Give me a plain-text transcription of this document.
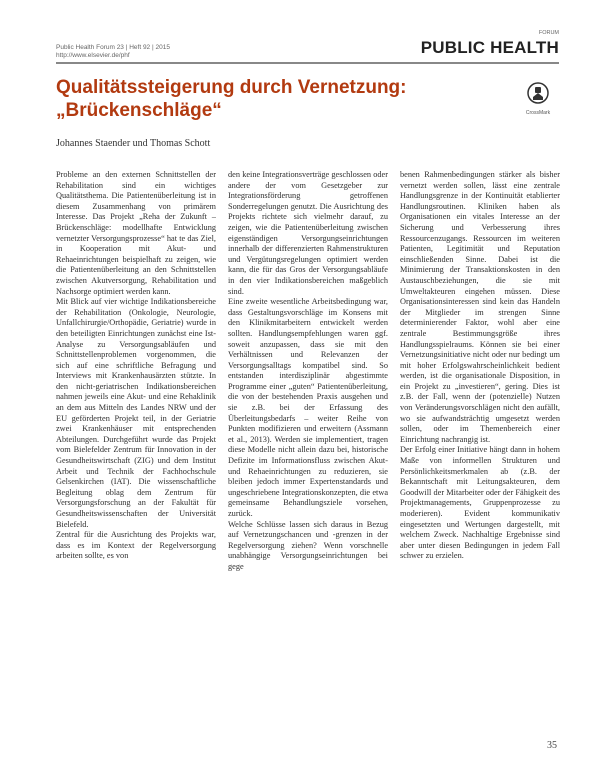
Public Health Forum 23 | Heft 92 | 2015
http://www.elsevier.de/phf
FORUM
PUBLIC HEALTH
Qualitätssteigerung durch Vernetzung:
„Brückenschläge“	CrossMark
Johannes Staender und Thomas Schott

Probleme an den externen Schnittstellen der Rehabilitation sind ein wichtiges Qualitätsthema. Die Patientenüberleitung ist in diesem Zusammenhang von primärem Interesse. Das Projekt „Reha der Zukunft – Brückenschläge: modellhafte Entwicklung vernetzter Versorgungsprozesse“ hat te das Ziel, in Kooperation mit Akut- und Rehaeinrichtungen beispielhaft zu zeigen, wie die Patientenüberleitung an den Schnittstellen zwischen Akutversorgung, Rehabilitation und Nachsorge optimiert werden kann.

Mit Blick auf vier wichtige Indikationsbereiche der Rehabilitation (Onkologie, Neurologie, Unfallchirurgie/Orthopädie, Geriatrie) wurde in den beteiligten Einrichtungen zunächst eine Ist-Analyse zu Versorgungsabläufen und Schnittstellenproblemen vorgenommen, die sich auf eine schriftliche Befragung und Interviews mit Krankenhausärzten stützte. In den nicht-geriatrischen Indikationsbereichen nahmen jeweils eine Akut- und eine Rehaklinik an dem aus Mitteln des Landes NRW und der EU geförderten Projekt teil, in der Geriatrie zwei Krankenhäuser mit entsprechenden Abteilungen. Durchgeführt wurde das Projekt vom Bielefelder Zentrum für Innovation in der Gesundheitswirtschaft (ZIG) und dem Institut Arbeit und Technik der Fachhochschule Gelsenkirchen (IAT). Die wissenschaftliche Begleitung oblag dem Zentrum für Versorgungsforschung an der Fakultät für Gesundheitswissenschaften der Universität Bielefeld.

Zentral für die Ausrichtung des Projekts war, dass es im Kontext der Regelversorgung arbeiten sollte, es von

den keine Integrationsverträge geschlossen oder andere der vom Gesetzgeber zur Integrationsförderung getroffenen Sonderregelungen genutzt. Die Ausrichtung des Projekts richtete sich vielmehr darauf, zu zeigen, wie die Patientenüberleitung zwischen eigenständigen Versorgungseinrichtungen innerhalb der differenzierten Rahmenstrukturen und Vergütungsregelungen optimiert werden kann, die für das Gros der Versorgungsabläufe in den vier Indikationsbereichen maßgeblich sind.

Eine zweite wesentliche Arbeitsbedingung war, dass Gestaltungsvorschläge im Konsens mit den Klinikmitarbeitern entwickelt werden sollten. Handlungsempfehlungen waren ggf. soweit anzupassen, dass sie mit den Verhältnissen und Relevanzen der Versorgungsalltags kompatibel sind. So entstanden interdisziplinär abgestimmte Programme einer „guten“ Patientenüberleitung, die von der bestehenden Praxis ausgehen und sie z.B. bei der Erfassung des Überleitungsbedarfs – weiter Reihe von Punkten modifizieren und erweitern (Assmann et al., 2013). Werden sie implementiert, tragen diese Modelle nicht allein dazu bei, historische Defizite im Informationsfluss zwischen Akut- und Rehaeinrichtungen zu reduzieren, sie bleiben jedoch immer Expertenstandards und ungeschriebene Integrationskonzepten, die etwa gemeinsame Behandlungsziele vorsehen, zurück.

Welche Schlüsse lassen sich daraus in Bezug auf Vernetzungschancen und -grenzen in der Regelversorgung ziehen? Wenn vorschnelle unabhängige Versorgungseinrichtungen bei gege

benen Rahmenbedingungen stärker als bisher vernetzt werden sollen, lässt eine zentrale Handlungsgrenze in der Kontinuität etablierter Handlungsroutinen. Kliniken haben als Organisationen ein vitales Interesse an der Sicherung und Verbesserung ihres Ressourcenzugangs. Ressourcen im weiteren Patienten, Legitimität und Reputation einschließenden Sinne. Dabei ist die Minimierung der Transaktionskosten in den Austauschbeziehungen, die sie mit Umweltakteuren eingehen müssen. Diese Organisationsinteressen sind kein das Handeln der Mitglieder im strengen Sinne determinierender Faktor, wohl aber eine zentrale Bestimmungsgröße ihres Handlungsspielraums. Können sie bei einer Vernetzungsinitiative nicht oder nur bedingt um mit hoher Erfolgswahrscheinlichkeit bedient werden, ist die organisationale Disposition, in ein Projekt zu „investieren“, gering. Dies ist z.B. der Fall, wenn der (potenzielle) Nutzen von Veränderungsvorschlägen nicht den aufällt, wo sie aufwandsträchtig umgesetzt werden sollen, oder im Themenbereich einer Einrichtung nachrangig ist.

Der Erfolg einer Initiative hängt dann in hohem Maße von informellen Strukturen und Persönlichkeitsmerkmalen ab (z.B. der Bekanntschaft mit Leitungsakteuren, dem Goodwill der Mitarbeiter oder der Fähigkeit des Projektmanagements, Gruppenprozesse zu moderieren). Evident kommunikativ eingesetzten und Wertungen dargestellt, mit welchem Zweck. Nachhaltige Ergebnisse sind aber unter diesen Bedingungen in jedem Fall schwer zu erzielen.

35
